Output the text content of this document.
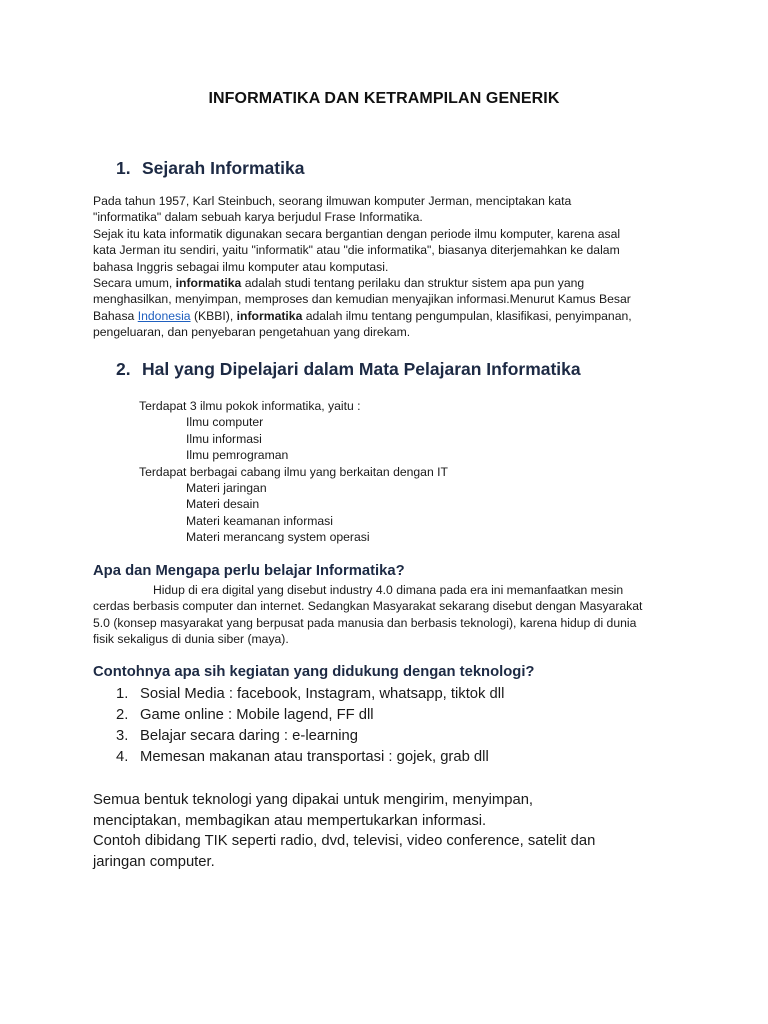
INFORMATIKA DAN KETRAMPILAN GENERIK
1. Sejarah Informatika

Pada tahun 1957, Karl Steinbuch, seorang ilmuwan komputer Jerman, menciptakan kata

"informatika" dalam sebuah karya berjudul Frase Informatika.

Sejak itu kata informatik digunakan secara bergantian dengan periode ilmu komputer, karena asal

kata Jerman itu sendiri, yaitu "informatik" atau "die informatika", biasanya diterjemahkan ke dalam

bahasa Inggris sebagai ilmu komputer atau komputasi.

Secara umum, informatika adalah studi tentang perilaku dan struktur sistem apa pun yang

menghasilkan, menyimpan, memproses dan kemudian menyajikan informasi.Menurut Kamus Besar

Bahasa Indonesia (KBBI), informatika adalah ilmu tentang pengumpulan, klasifikasi, penyimpanan,

pengeluaran, dan penyebaran pengetahuan yang direkam.

2. Hal yang Dipelajari dalam Mata Pelajaran Informatika
Terdapat 3 ilmu pokok informatika, yaitu :
Ilmu computer
Ilmu informasi
Ilmu pemrograman
Terdapat berbagai cabang ilmu yang berkaitan dengan IT
Materi jaringan
Materi desain
Materi keamanan informasi
Materi merancang system operasi
Apa dan Mengapa perlu belajar Informatika?

Hidup di era digital yang disebut industry 4.0 dimana pada era ini memanfaatkan mesin

cerdas berbasis computer dan internet. Sedangkan Masyarakat sekarang disebut dengan Masyarakat

5.0 (konsep masyarakat yang berpusat pada manusia dan berbasis teknologi), karena hidup di dunia

fisik sekaligus di dunia siber (maya).

Contohnya apa sih kegiatan yang didukung dengan teknologi?
1. Sosial Media : facebook, Instagram, whatsapp, tiktok dll
2. Game online : Mobile lagend, FF dll
3. Belajar secara daring : e-learning
4. Memesan makanan atau transportasi : gojek, grab dll

Semua bentuk teknologi yang dipakai untuk mengirim, menyimpan,

menciptakan, membagikan atau mempertukarkan informasi.

Contoh dibidang TIK seperti radio, dvd, televisi, video conference, satelit dan

jaringan computer.
